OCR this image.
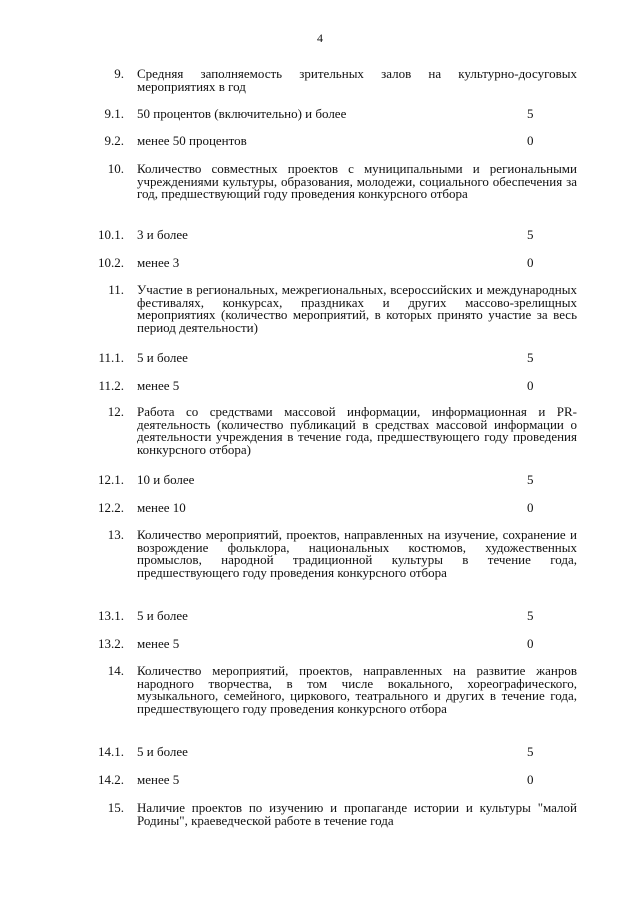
4
9.	Средняя заполняемость зрительных залов на культурно-досуговых мероприятиях в год
9.1.	50 процентов (включительно) и более	5
9.2.	менее 50 процентов	0
10.	Количество совместных проектов с муниципальными и региональными учреждениями культуры, образования, молодежи, социального обеспечения за год, предшествующий году проведения конкурсного отбора
10.1.	3 и более	5
10.2.	менее 3	0
11.	Участие в региональных, межрегиональных, всероссийских и международных фестивалях, конкурсах, праздниках и других массово-зрелищных мероприятиях (количество мероприятий, в которых принято участие за весь период деятельности)
11.1.	5 и более	5
11.2.	менее 5	0
12.	Работа со средствами массовой информации, информационная и PR-деятельность (количество публикаций в средствах массовой информации о деятельности учреждения в течение года, предшествующего году проведения конкурсного отбора)
12.1.	10 и более	5
12.2.	менее 10	0
13.	Количество мероприятий, проектов, направленных на изучение, сохранение и возрождение фольклора, национальных костюмов, художественных промыслов, народной традиционной культуры в течение года, предшествующего году проведения конкурсного отбора
13.1.	5 и более	5
13.2.	менее 5	0
14.	Количество мероприятий, проектов, направленных на развитие жанров народного творчества, в том числе вокального, хореографического, музыкального, семейного, циркового, театрального и других в течение года, предшествующего году проведения конкурсного отбора
14.1.	5 и более	5
14.2.	менее 5	0
15.	Наличие проектов по изучению и пропаганде истории и культуры "малой Родины", краеведческой работе в течение года
